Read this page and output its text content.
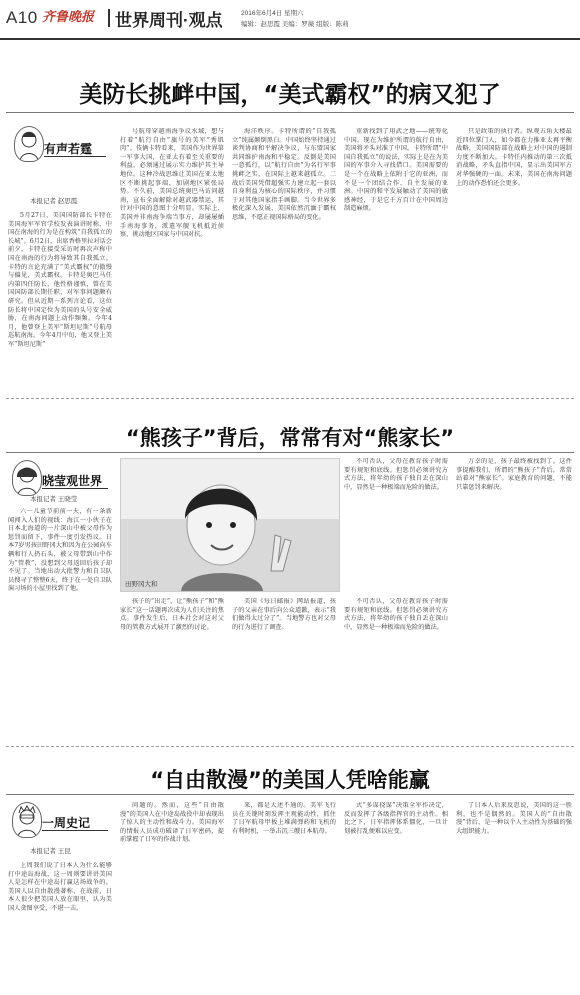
A10 齐鲁晚报 世界周刊·观点	2016年6月4日 星期六
编辑：赵思霞 美编：罗薇 组版：陈莉
美防长挑衅中国，“美式霸权”的病又犯了
有声若霆
本报记者 赵思霞

5月27日，美国国防部长卡特在美国海军军官学校发表演讲时称，中国在南海的行为是在构筑“自我孤立的长城”。6月2日，出席香格里拉对话会前夕，卡特在接受采访时再次声称中国在南海的行为将导致其自我孤立。卡特的言论充满了“美式霸权”的傲慢与偏见，美式霸权。卡特是奥巴马任内第四任防长，他性格谨慎，曾在美国国防部长期任职，对军事问题颇有研究。但从近期一系列言论看，这位防长将中国定位为美国的头号安全威胁，在南海问题上动作频频。今年4月，他曾登上美军“斯坦尼斯”号航母巡航南海。今年4月中旬，他又登上美军“斯坦尼斯”

号航母穿越南海争议水域，想与打着“航行自由”旗号的美军“秀肌肉”。伎俩卡特看来，美国作为世界第一军事大国，在亚太有着至关重要的利益，必须通过展示实力维护其主导地位。这种冷战思维让美国在亚太地区不断挑起事端，加剧地区紧张局势。不久前，美国总统奥巴马访问越南，宣布全面解除对越武器禁运，其针对中国的意图十分明显。实际上，美国并非南海争端当事方，却屡屡插手南海事务，派遣军舰飞机抵近侦察，挑动地区国家与中国对抗。

海洋秩序。卡特所谓的“自我孤立”纯属颠倒黑白。中国始终坚持通过谈判协商和平解决争议，与东盟国家共同维护南海和平稳定。反倒是美国一意孤行，以“航行自由”为名行军事挑衅之实，在国际上越来越孤立。二战后美国凭借超强实力建立起一套以自身利益为核心的国际秩序，并习惯于对其他国家指手画脚。当今世界多极化深入发展，美国依然沉湎于霸权思维，不愿正视国际格局的变化。

重新找到了用武之地——统筹化中国。现在为维护所谓的航行自由，美国将矛头对准了中国。卡特所谓“中国自我孤立”的说法，实际上是在为美国的军事介入寻找借口。美国需要的是一个在战略上依附于它的亚洲，而不是一个团结合作、自主发展的亚洲。中国的和平发展触动了美国的敏感神经，于是它千方百计在中国周边制造麻烦。

只是政策的执行者。纵观五角大楼最近四位掌门人，如今都在力推亚太再平衡战略，美国国防部在战略上对中国的遏制力度不断加大。卡特任内推动的第三次抵消战略，矛头直指中国，显示出美国军方对华强硬的一面。未来，美国在南海问题上的动作恐怕还会更多。

“熊孩子”背后，常常有对“熊家长”
晓莹观世界
本报记者 王晓莹

六一儿童节前前一天，有一条新闻闯入人们的视线：海江一小伙子在日本北海道的一片深山中被父母作为惩罚而留下，事件一度引发热议。日本7岁男孩田野冈大和因为在公园向车辆和行人扔石头，被父母带到山中作为“管教”，没想到父母返回后孩子却不见了。当地出动大批警力和自卫队员搜寻了整整6天，终于在一处自卫队演习场的小屋里找到了他。

田野冈大和

不可否认，父母在教育孩子时需要有规矩和底线。但惩罚必须讲究方式方法，将年幼的孩子独自丢在深山中，显然是一种极端而危险的做法。

万幸的是，孩子最终被找到了。这件事提醒我们，所谓的“熊孩子”背后，常常站着对“熊家长”。家庭教育的问题，不能只靠惩罚来解决。

孩子的“出走”，让“熊孩子”和“熊家长”这一话题再次成为人们关注的焦点。事件发生后，日本社会对这对父母的管教方式展开了激烈的讨论。

美国《每日邮报》网站报道，孩子的父亲在事后向公众道歉，表示“我们做得太过分了”。当地警方也对父母的行为进行了调查。

不可否认，父母在教育孩子时需要有规矩和底线。但惩罚必须讲究方式方法，将年幼的孩子独自丢在深山中，显然是一种极端而危险的做法。

“自由散漫”的美国人凭啥能赢
一周史记
本报记者 王昆

上周我们说了日本人为什么能够打中途岛海战，这一周则要讲讲美国人是怎样在中途岛打赢这场战争的。美国人以自由散漫著称，在战前，日本人很少把美国人放在眼里，认为美国人贪图享受，不堪一击。

问题的。然而，这些“自由散漫”的美国人在中途岛战役中却表现出了惊人的主动性和战斗力。美国海军的情报人员成功破译了日军密码，提前掌握了日军的作战计划。

来，都是大述不通的。美军飞行员在关键时刻发挥主观能动性，抓住了日军航母甲板上堆满弹药和飞机的有利时机，一举击沉三艘日本航母。

式“多谋挠谋”决策全军作决定，反而发挥了各级指挥官的主动性。相比之下，日军指挥体系僵化，一旦计划被打乱便难以应变。

了日本人后来反思说，美国的这一胜利，也不是偶然的。美国人的“自由散漫”背后，是一种以个人主动性为基础的强大组织能力。
